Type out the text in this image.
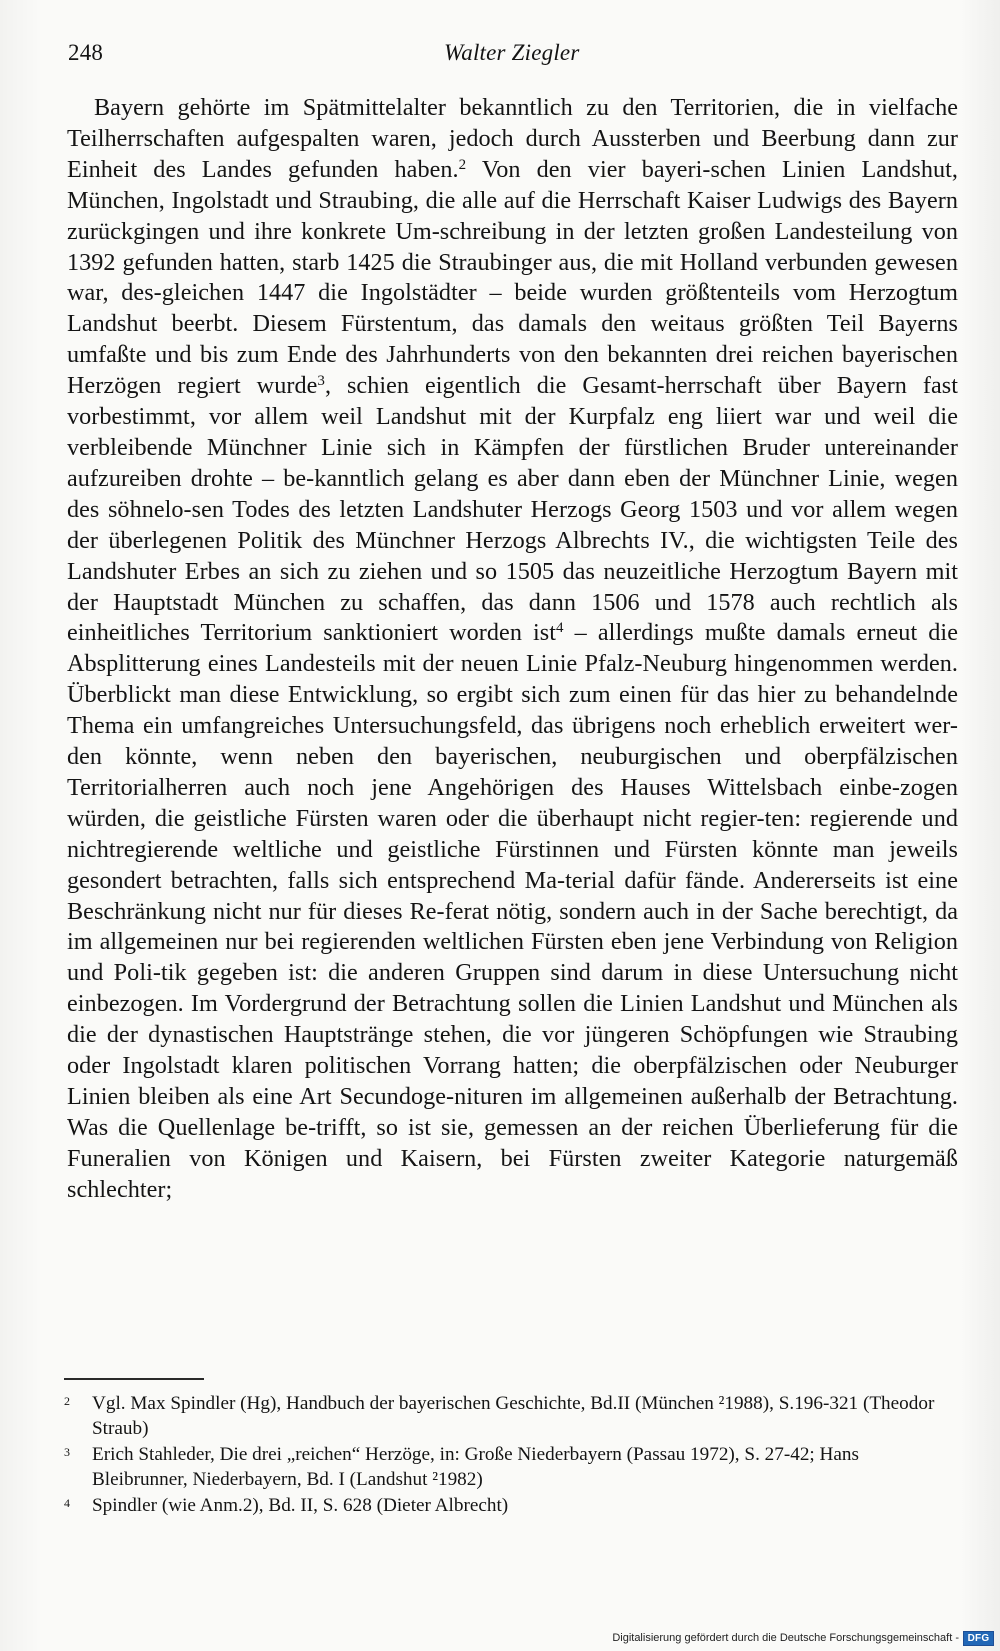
248	Walter Ziegler
Bayern gehörte im Spätmittelalter bekanntlich zu den Territorien, die in vielfache Teilherrschaften aufgespalten waren, jedoch durch Aussterben und Beerbung dann zur Einheit des Landes gefunden haben.$^2$ Von den vier bayeri-schen Linien Landshut, München, Ingolstadt und Straubing, die alle auf die Herrschaft Kaiser Ludwigs des Bayern zurückgingen und ihre konkrete Um-schreibung in der letzten großen Landesteilung von 1392 gefunden hatten, starb 1425 die Straubinger aus, die mit Holland verbunden gewesen war, des-gleichen 1447 die Ingolstädter – beide wurden größtenteils vom Herzogtum Landshut beerbt. Diesem Fürstentum, das damals den weitaus größten Teil Bayerns umfaßte und bis zum Ende des Jahrhunderts von den bekannten drei reichen bayerischen Herzögen regiert wurde$^3$, schien eigentlich die Gesamt-herrschaft über Bayern fast vorbestimmt, vor allem weil Landshut mit der Kurpfalz eng liiert war und weil die verbleibende Münchner Linie sich in Kämpfen der fürstlichen Bruder untereinander aufzureiben drohte – be-kanntlich gelang es aber dann eben der Münchner Linie, wegen des söhnelo-sen Todes des letzten Landshuter Herzogs Georg 1503 und vor allem wegen der überlegenen Politik des Münchner Herzogs Albrechts IV., die wichtigsten Teile des Landshuter Erbes an sich zu ziehen und so 1505 das neuzeitliche Herzogtum Bayern mit der Hauptstadt München zu schaffen, das dann 1506 und 1578 auch rechtlich als einheitliches Territorium sanktioniert worden ist$^4$ – allerdings mußte damals erneut die Absplitterung eines Landesteils mit der neuen Linie Pfalz-Neuburg hingenommen werden. Überblickt man diese Entwicklung, so ergibt sich zum einen für das hier zu behandelnde Thema ein umfangreiches Untersuchungsfeld, das übrigens noch erheblich erweitert wer-den könnte, wenn neben den bayerischen, neuburgischen und oberpfälzischen Territorialherren auch noch jene Angehörigen des Hauses Wittelsbach einbe-zogen würden, die geistliche Fürsten waren oder die überhaupt nicht regier-ten: regierende und nichtregierende weltliche und geistliche Fürstinnen und Fürsten könnte man jeweils gesondert betrachten, falls sich entsprechend Ma-terial dafür fände. Andererseits ist eine Beschränkung nicht nur für dieses Re-ferat nötig, sondern auch in der Sache berechtigt, da im allgemeinen nur bei regierenden weltlichen Fürsten eben jene Verbindung von Religion und Poli-tik gegeben ist: die anderen Gruppen sind darum in diese Untersuchung nicht einbezogen. Im Vordergrund der Betrachtung sollen die Linien Landshut und München als die der dynastischen Hauptstränge stehen, die vor jüngeren Schöpfungen wie Straubing oder Ingolstadt klaren politischen Vorrang hatten; die oberpfälzischen oder Neuburger Linien bleiben als eine Art Secundoge-nituren im allgemeinen außerhalb der Betrachtung. Was die Quellenlage be-trifft, so ist sie, gemessen an der reichen Überlieferung für die Funeralien von Königen und Kaisern, bei Fürsten zweiter Kategorie naturgemäß schlechter;
2 Vgl. Max Spindler (Hg), Handbuch der bayerischen Geschichte, Bd.II (München ²1988), S.196-321 (Theodor Straub)
3 Erich Stahleder, Die drei „reichen“ Herzöge, in: Große Niederbayern (Passau 1972), S. 27-42; Hans Bleibrunner, Niederbayern, Bd. I (Landshut ²1982)
4 Spindler (wie Anm.2), Bd. II, S. 628 (Dieter Albrecht)
Digitalisierung gefördert durch die Deutsche Forschungsgemeinschaft - DFG
